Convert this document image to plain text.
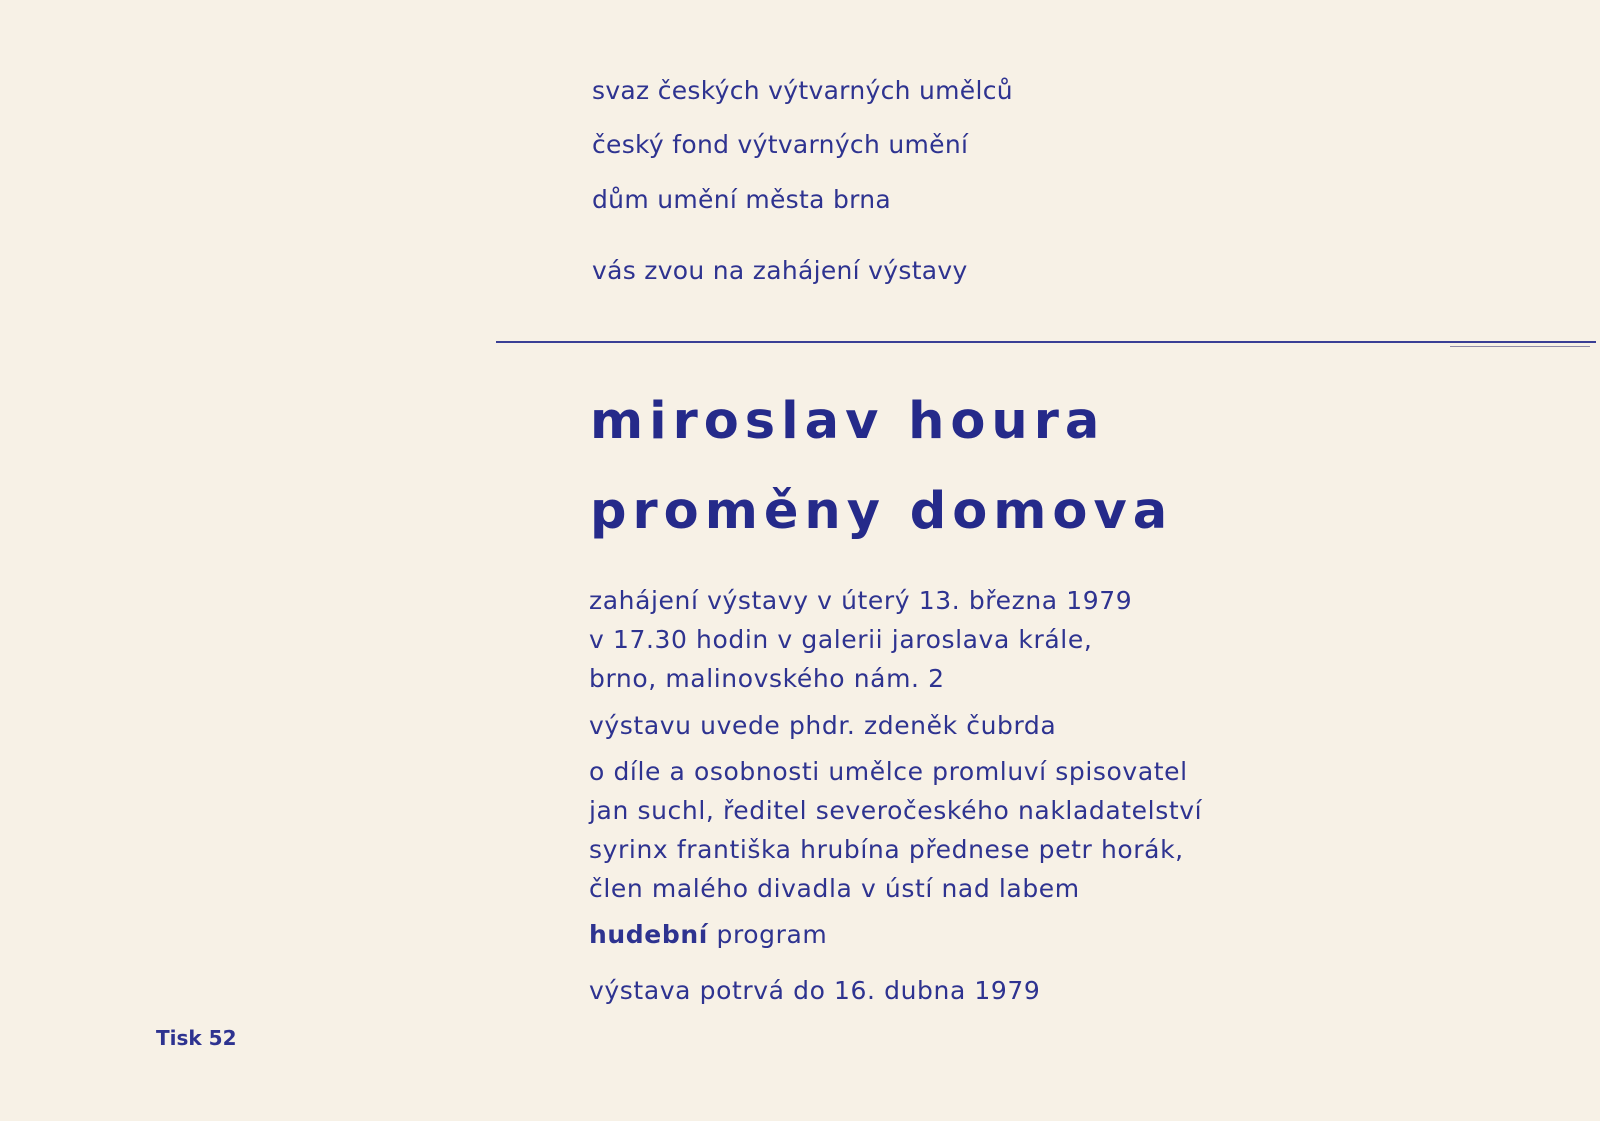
svaz českých výtvarných umělců
český fond výtvarných umění
dům umění města brna
vás zvou na zahájení výstavy
miroslav houra
proměny domova
zahájení výstavy v úterý 13. března 1979
v 17.30 hodin v galerii jaroslava krále,
brno, malinovského nám. 2
výstavu uvede phdr. zdeněk čubrda
o díle a osobnosti umělce promluví spisovatel
jan suchl, ředitel severočeského nakladatelství
syrinx františka hrubína přednese petr horák,
člen malého divadla v ústí nad labem
hudební program
výstava potrvá do 16. dubna 1979
Tisk 52
